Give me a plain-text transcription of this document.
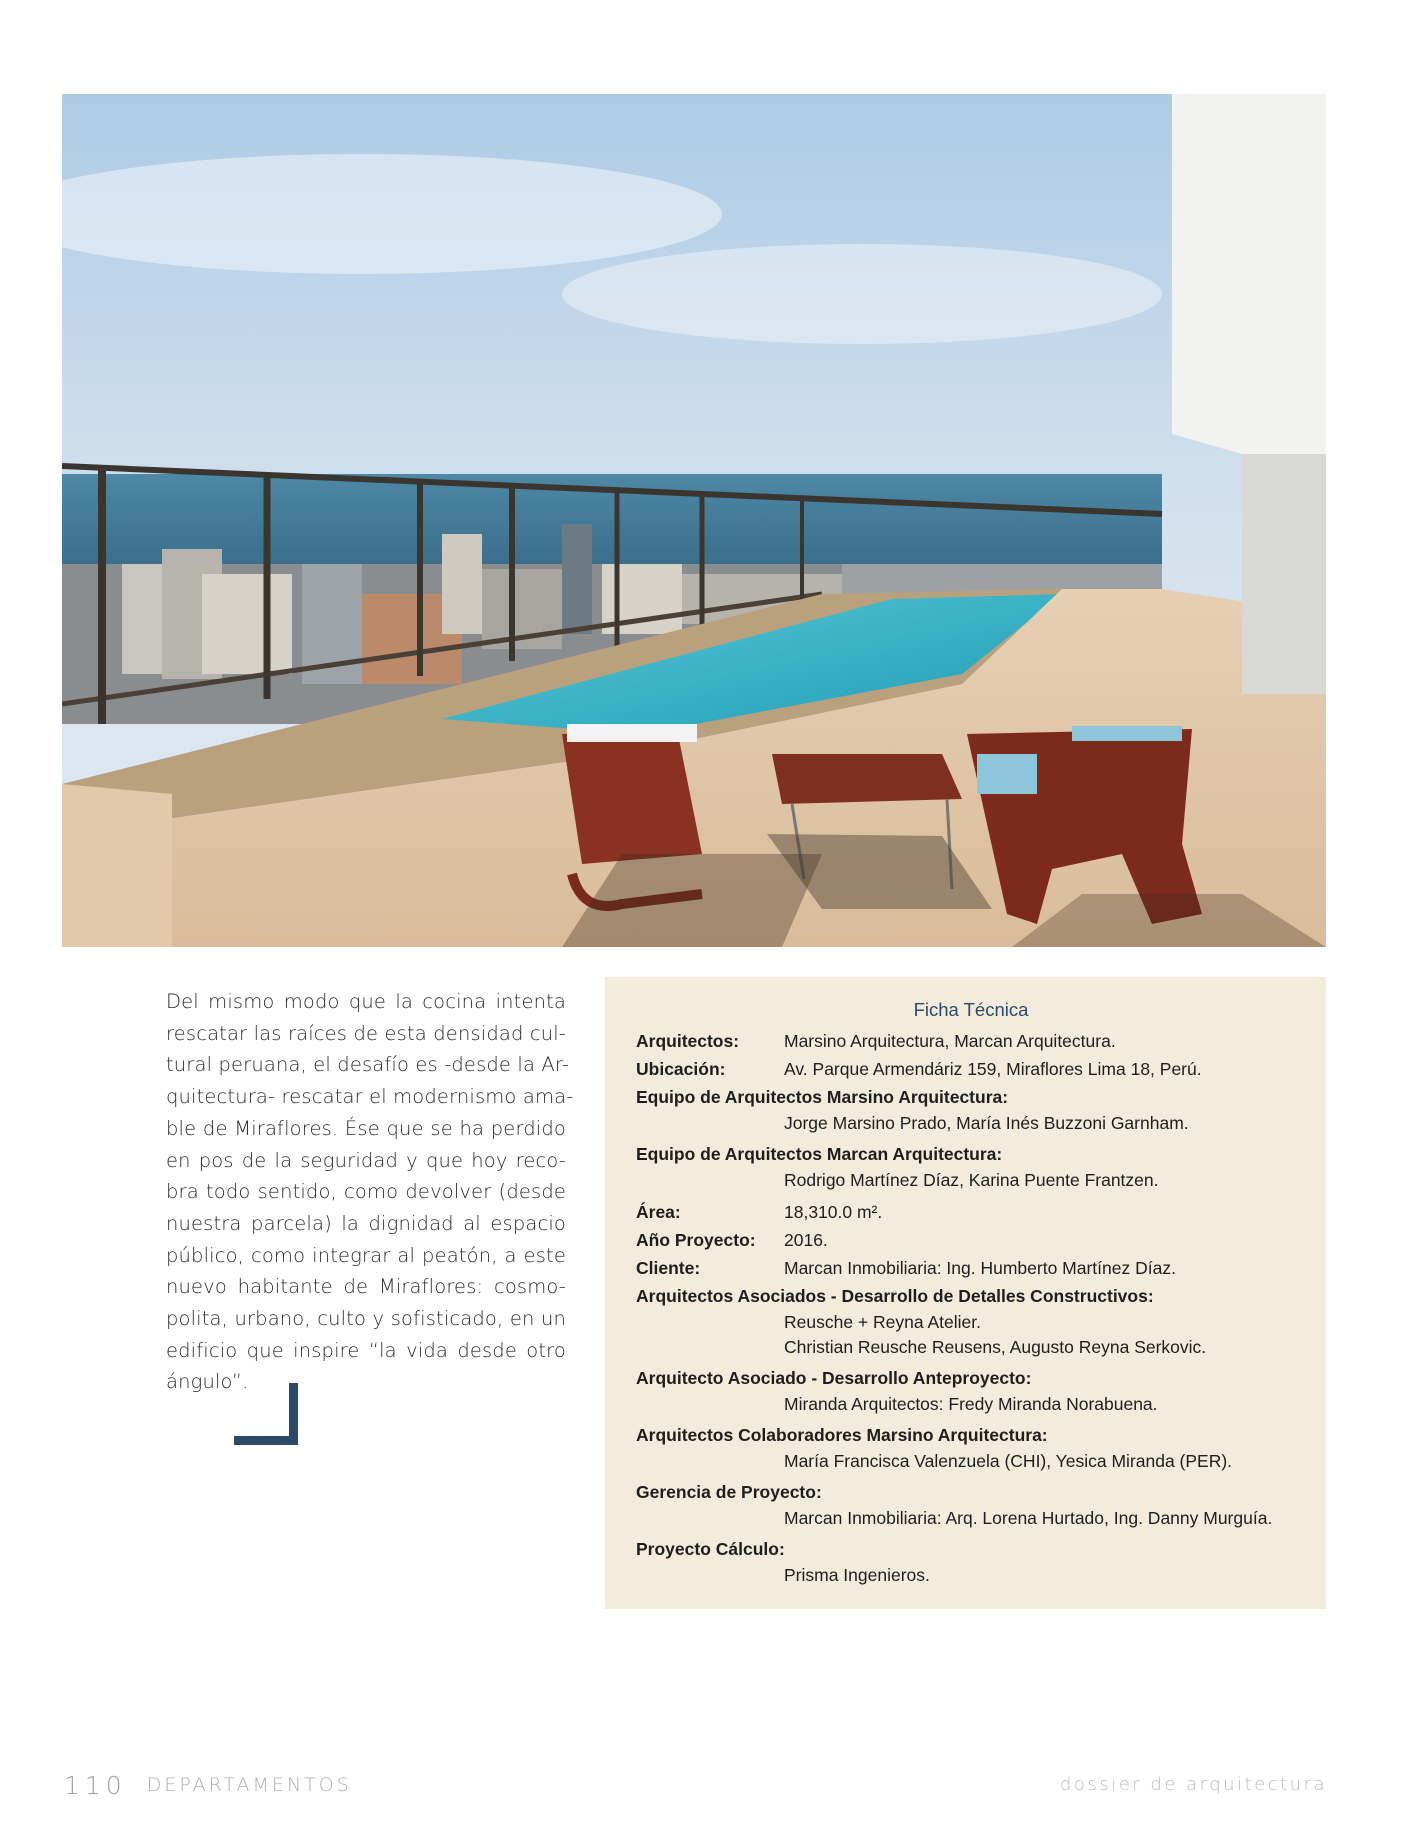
Del mismo modo que la cocina intenta
rescatar las raíces de esta densidad cul-
tural peruana, el desafío es -desde la Ar-
quitectura- rescatar el modernismo ama-
ble de Miraflores. Ése que se ha perdido
en pos de la seguridad y que hoy reco-
bra todo sentido, como devolver (desde
nuestra parcela) la dignidad al espacio
público, como integrar al peatón, a este
nuevo habitante de Miraflores: cosmo-
polita, urbano, culto y sofisticado, en un
edificio que inspire “la vida desde otro
ángulo”.
Ficha Técnica
Arquitectos:	Marsino Arquitectura, Marcan Arquitectura.
Ubicación:	Av. Parque Armendáriz 159, Miraflores Lima 18, Perú.
Equipo de Arquitectos Marsino Arquitectura:
Jorge Marsino Prado, María Inés Buzzoni Garnham.
Equipo de Arquitectos Marcan Arquitectura:
Rodrigo Martínez Díaz, Karina Puente Frantzen.
Área:	18,310.0 m².
Año Proyecto:	2016.
Cliente:	Marcan Inmobiliaria: Ing. Humberto Martínez Díaz.
Arquitectos Asociados - Desarrollo de Detalles Constructivos:
Reusche + Reyna Atelier.
Christian Reusche Reusens, Augusto Reyna Serkovic.
Arquitecto Asociado - Desarrollo Anteproyecto:
Miranda Arquitectos: Fredy Miranda Norabuena.
Arquitectos Colaboradores Marsino Arquitectura:
María Francisca Valenzuela (CHI), Yesica Miranda (PER).
Gerencia de Proyecto:
Marcan Inmobiliaria: Arq. Lorena Hurtado, Ing. Danny Murguía.
Proyecto Cálculo:
Prisma Ingenieros.
110 DEPARTAMENTOS	dossier de arquitectura
